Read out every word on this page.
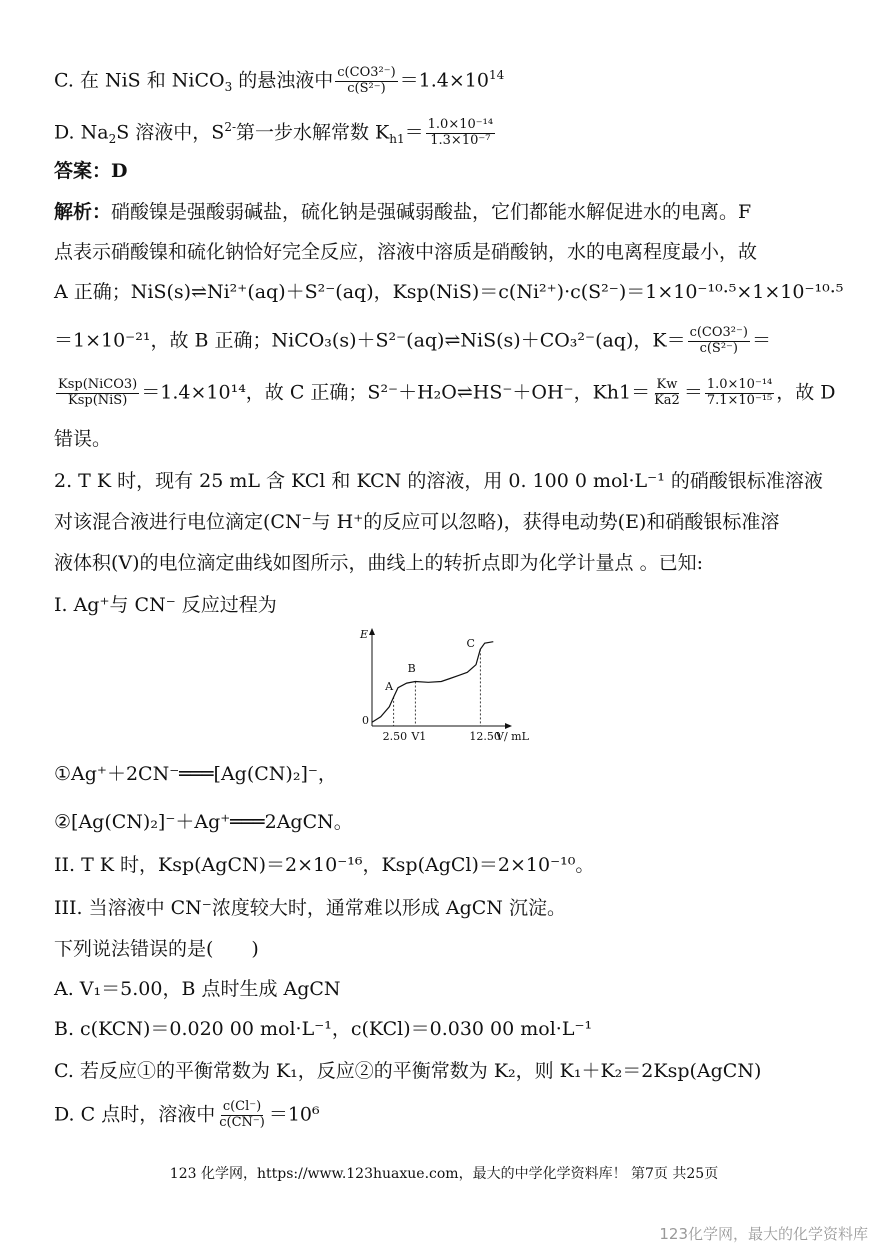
C. 在 NiS 和 NiCO$_3$ 的悬浊液中 $\frac{\text{c(CO3²⁻)}}{\text{c(S²⁻)}} =1.4\times 10^{14}$
D. $Na_2S$ 溶液中，$S^{2-}$第一步水解常数 $K_{h1}= \frac{\text{1.0×10⁻¹⁴}}{\text{1.3×10⁻⁷}}$
答案：D
解析：硝酸镍是强酸弱碱盐，硫化钠是强碱弱酸盐，它们都能水解促进水的电离。F
点表示硝酸镍和硫化钠恰好完全反应，溶液中溶质是硝酸钠，水的电离程度最小，故
A 正确；NiS(s)⇌Ni²⁺(aq)＋S²⁻(aq)，Ksp(NiS)＝c(Ni²⁺)·c(S²⁻)＝1×10⁻¹⁰·⁵×1×10⁻¹⁰·⁵
＝1×10⁻²¹，故 B 正确；NiCO₃(s)＋S²⁻(aq)⇌NiS(s)＋CO₃²⁻(aq)，$K= \frac{\text{c(CO3²⁻)}}{\text{c(S²⁻)}}$ ＝
$\frac{\text{Ksp(NiCO3)}}{\text{Ksp(NiS)}} =1.4\times 10^{14}$，故 C 正确；S²⁻＋H₂O⇌HS⁻＋OH⁻，$Kh1= \frac{Kw}{Ka2} = \frac{\text{1.0×10⁻¹⁴}}{\text{7.1×10⁻¹⁵}}$ ，故 D
错误。
2. T K 时，现有 25 mL 含 KCl 和 KCN 的溶液，用 0. 100 0 mol·L⁻¹ 的硝酸银标准溶液
对该混合液进行电位滴定(CN⁻与 H⁺的反应可以忽略)，获得电动势(E)和硝酸银标准溶
液体积(V)的电位滴定曲线如图所示，曲线上的转折点即为化学计量点 。已知:
I. Ag⁺与 CN⁻ 反应过程为
E
0
V/ mL
2.50 V1	12.50
A
B
C
①Ag⁺＋2CN⁻═══[Ag(CN)₂]⁻，
②[Ag(CN)₂]⁻＋Ag⁺═══2AgCN。
II. T K 时，Ksp(AgCN)＝2×10⁻¹⁶，Ksp(AgCl)＝2×10⁻¹⁰。
III. 当溶液中 CN⁻浓度较大时，通常难以形成 AgCN 沉淀。
下列说法错误的是(　　)
A. V₁＝5.00，B 点时生成 AgCN
B. c(KCN)＝0.020 00 mol·L⁻¹，c(KCl)＝0.030 00 mol·L⁻¹
C. 若反应①的平衡常数为 K₁，反应②的平衡常数为 K₂，则 K₁＋K₂＝2Ksp(AgCN)
D. C 点时，溶液中 $\frac{c(Cl^-)}{c(CN^-)} =10^6$
123 化学网，https://www.123huaxue.com，最大的中学化学资料库！ 第7页 共25页
123化学网，最大的化学资料库
